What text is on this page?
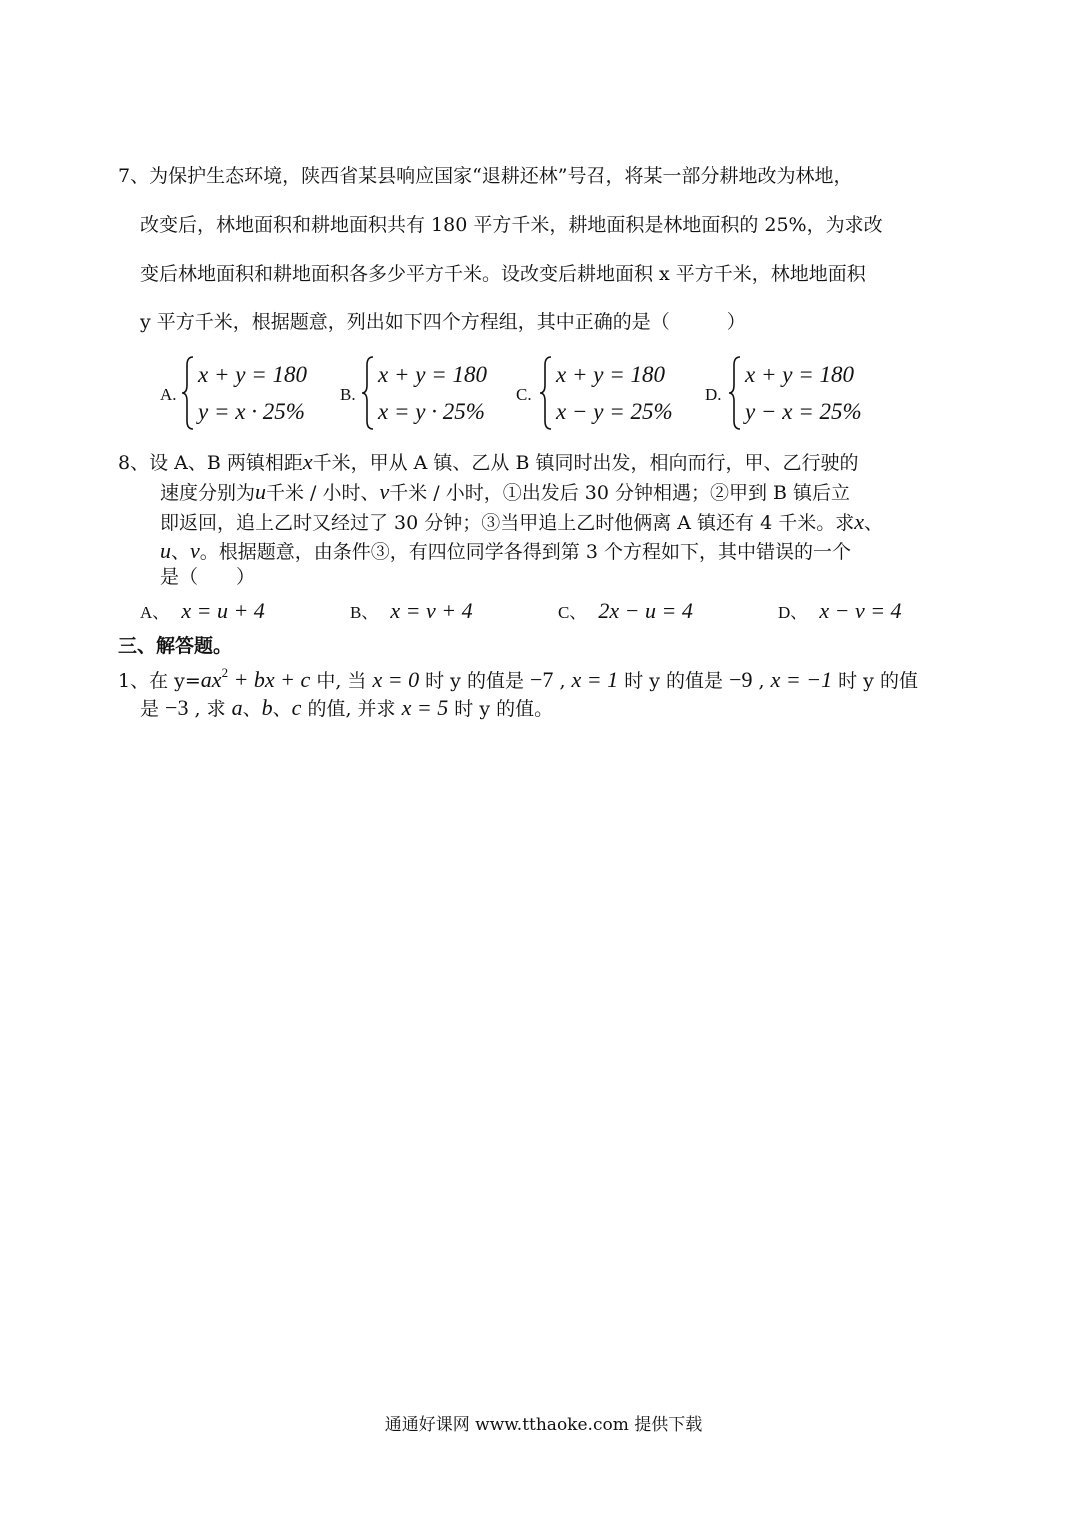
7、为保护生态环境，陕西省某县响应国家“退耕还林”号召，将某一部分耕地改为林地，
改变后，林地面积和耕地面积共有 180 平方千米，耕地面积是林地面积的 25%，为求改
变后林地面积和耕地面积各多少平方千米。设改变后耕地面积 x 平方千米，林地地面积
y 平方千米，根据题意，列出如下四个方程组，其中正确的是（　　　）
A.
x + y = 180
y = x · 25%
B.
x + y = 180
x = y · 25%
C.
x + y = 180
x − y = 25%
D.
x + y = 180
y − x = 25%
8、设 A、B 两镇相距x千米，甲从 A 镇、乙从 B 镇同时出发，相向而行，甲、乙行驶的
速度分别为u千米 / 小时、v千米 / 小时，①出发后 30 分钟相遇；②甲到 B 镇后立
即返回，追上乙时又经过了 30 分钟；③当甲追上乙时他俩离 A 镇还有 4 千米。求x、
u、v。根据题意，由条件③，有四位同学各得到第 3 个方程如下，其中错误的一个
是（　　）
A、 x = u + 4	B、 x = v + 4	C、 2x − u = 4	D、 x − v = 4
三、解答题。
1、在 $y=ax^2$ + bx + c 中, 当 x = 0 时 y 的值是 −7 , x = 1 时 y 的值是 −9 , x = −1 时 y 的值
是 −3 , 求 a、b、c 的值, 并求 x = 5 时 y 的值。
通通好课网 www.tthaoke.com 提供下载
